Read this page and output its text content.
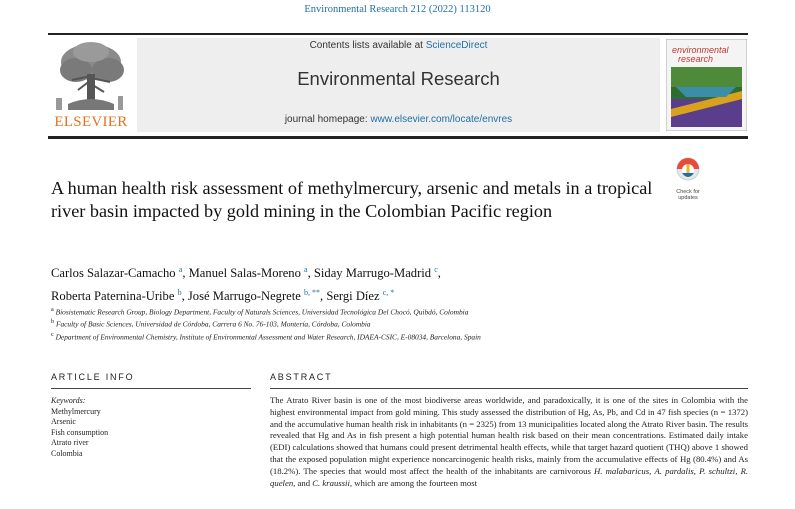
Environmental Research 212 (2022) 113120
ELSEVIER
Contents lists available at ScienceDirect
Environmental Research
journal homepage: www.elsevier.com/locate/envres
environmental
research
Check for
updates
A human health risk assessment of methylmercury, arsenic and metals in a tropical river basin impacted by gold mining in the Colombian Pacific region
Carlos Salazar-Camacho $^a$, Manuel Salas-Moreno $^a$, Siday Marrugo-Madrid $^c$,
Roberta Paternina-Uribe $^b$, José Marrugo-Negrete $^{b, **}$, Sergi Díez $^{c, *}$
$^a$ Biosistematic Research Group, Biology Department, Faculty of Naturals Sciences, Universidad Tecnológica Del Chocó, Quibdó, Colombia
$^b$ Faculty of Basic Sciences, Universidad de Córdoba, Carrera 6 No. 76-103, Montería, Córdoba, Colombia
$^c$ Department of Environmental Chemistry, Institute of Environmental Assessment and Water Research, IDAEA-CSIC, E-08034, Barcelona, Spain
ARTICLE INFO	ABSTRACT
Keywords:
Methylmercury
Arsenic
Fish consumption
Atrato river
Colombia
The Atrato River basin is one of the most biodiverse areas worldwide, and paradoxically, it is one of the sites in Colombia with the highest environmental impact from gold mining. This study assessed the distribution of Hg, As, Pb, and Cd in 47 fish species (n = 1372) and the accumulative human health risk in inhabitants (n = 2325) from 13 municipalities located along the Atrato River basin. The results revealed that Hg and As in fish present a high potential human health risk based on their mean concentrations. Estimated daily intake (EDI) calculations showed that humans could present detrimental health effects, while that target hazard quotient (THQ) above 1 showed that the exposed population might experience noncarcinogenic health risks, mainly from the accumulative effects of Hg (80.4%) and As (18.2%). The species that would most affect the health of the inhabitants are carnivorous H. malabaricus, A. pardalis, P. schultzi, R. quelen, and C. kraussii, which are among the fourteen most
